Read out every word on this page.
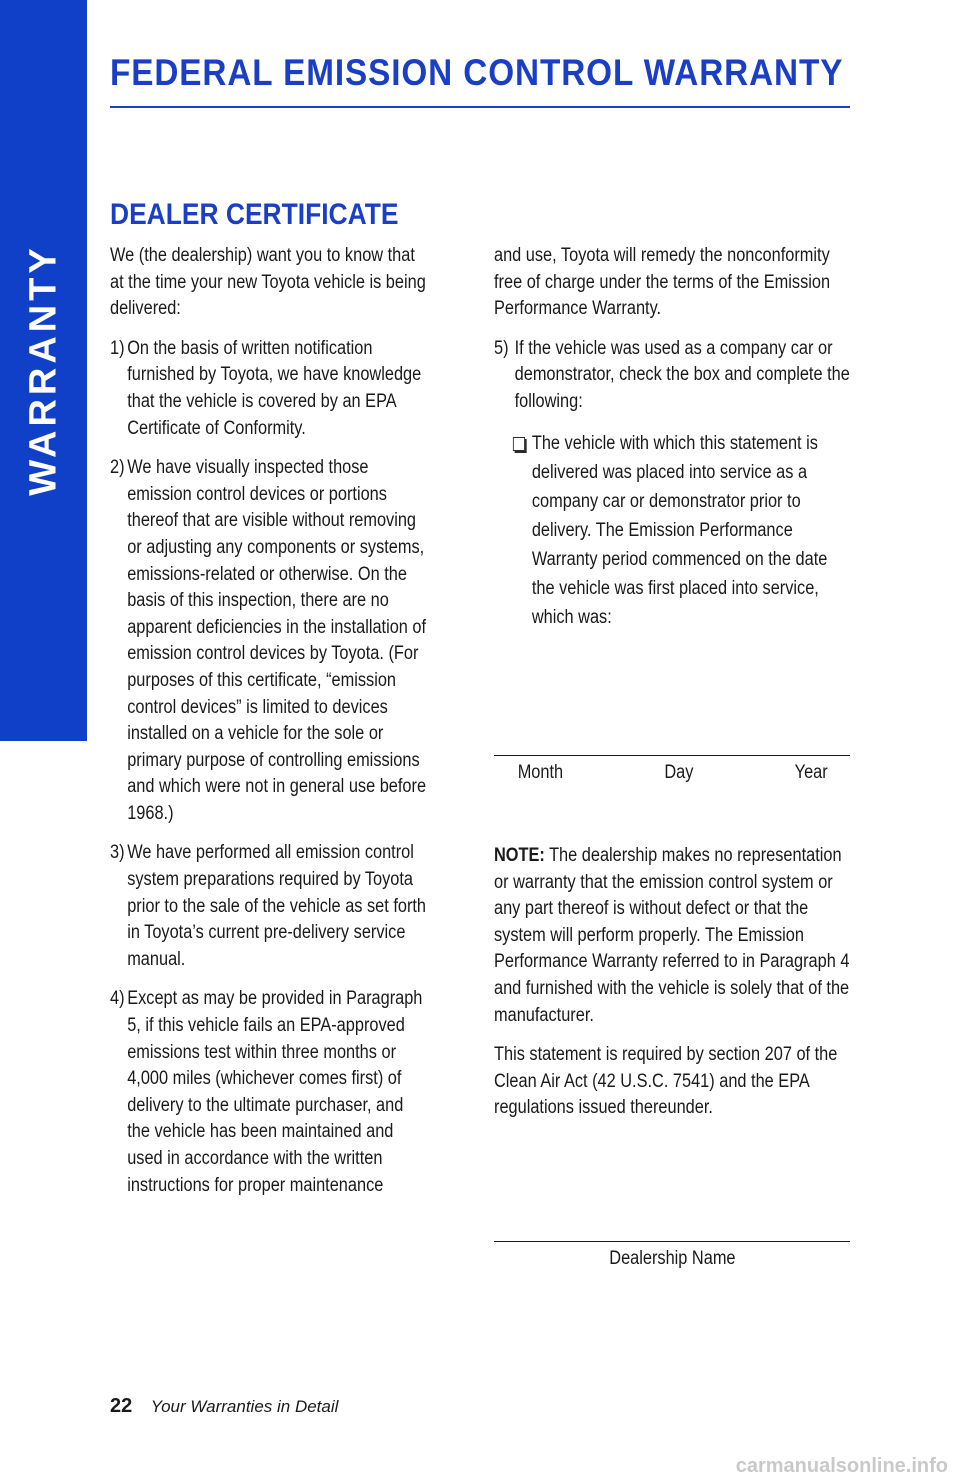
WARRANTY
FEDERAL EMISSION CONTROL WARRANTY
DEALER CERTIFICATE

We (the dealership) want you to know that at the time your new Toyota vehicle is being delivered:

1) On the basis of written notification furnished by Toyota, we have knowledge that the vehicle is covered by an EPA Certificate of Conformity.
2) We have visually inspected those emission control devices or portions thereof that are visible without removing or adjusting any components or systems, emissions-related or otherwise. On the basis of this inspection, there are no apparent deficiencies in the installation of emission control devices by Toyota. (For purposes of this certificate, “emission control devices” is limited to devices installed on a vehicle for the sole or primary purpose of controlling emissions and which were not in general use before 1968.)
3) We have performed all emission control system preparations required by Toyota prior to the sale of the vehicle as set forth in Toyota’s current pre-delivery service manual.
4) Except as may be provided in Paragraph 5, if this vehicle fails an EPA-approved emissions test within three months or 4,000 miles (whichever comes first) of delivery to the ultimate purchaser, and the vehicle has been maintained and used in accordance with the written instructions for proper maintenance

and use, Toyota will remedy the nonconformity free of charge under the terms of the Emission Performance Warranty.

5) If the vehicle was used as a company car or demonstrator, check the box and complete the following:
The vehicle with which this statement is delivered was placed into service as a company car or demonstrator prior to delivery. The Emission Performance Warranty period commenced on the date the vehicle was first placed into service, which was:
Month	Day	Year

NOTE: The dealership makes no representation or warranty that the emission control system or any part thereof is without defect or that the system will perform properly. The Emission Performance Warranty referred to in Paragraph 4 and furnished with the vehicle is solely that of the manufacturer.

This statement is required by section 207 of the Clean Air Act (42 U.S.C. 7541) and the EPA regulations issued thereunder.

Dealership Name
22 Your Warranties in Detail
carmanualsonline.info
